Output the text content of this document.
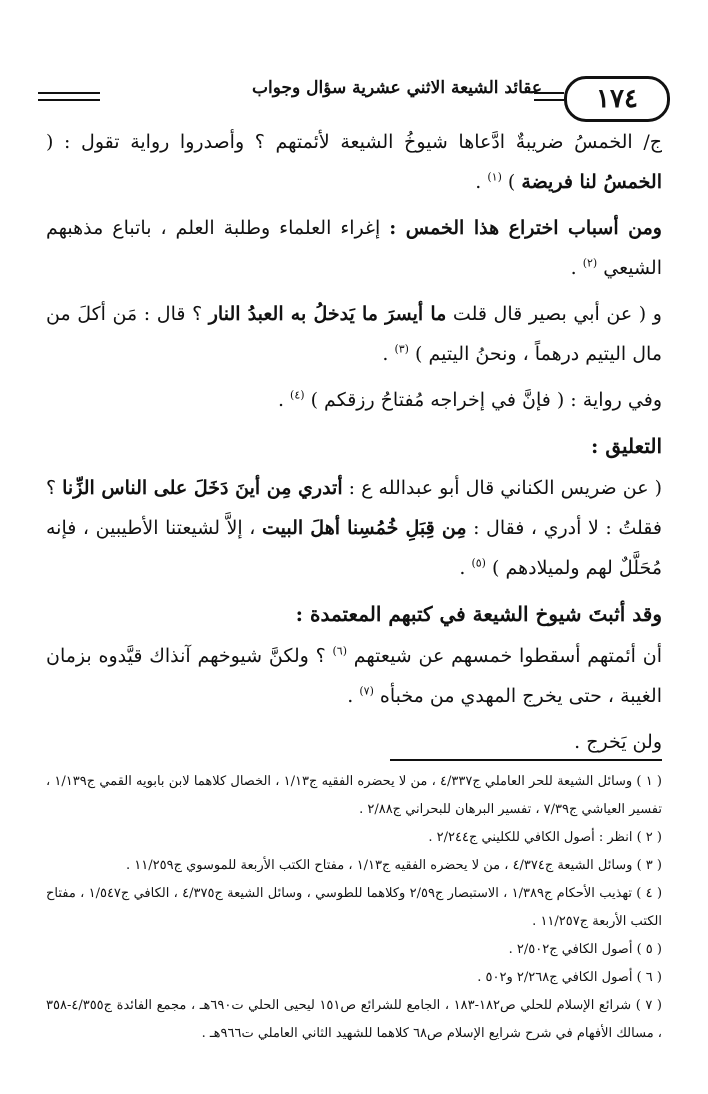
١٧٤
عقائد الشيعة الاثني عشرية سؤال وجواب

ج/ الخمسُ ضريبةٌ ادَّعاها شيوخُ الشيعة لأئمتهم ؟ وأصدروا رواية تقول : ( الخمسُ لنا فريضة ) $^{(١)}$ .

ومن أسباب اختراع هذا الخمس : إغراء العلماء وطلبة العلم ، باتباع مذهبهم الشيعي $^{(٢)}$ .

و ( عن أبي بصير قال قلت ما أيسرَ ما يَدخلُ به العبدُ النار ؟ قال : مَن أكلَ من مال اليتيم درهماً ، ونحنُ اليتيم ) $^{(٣)}$ .

وفي رواية : ( فإنَّ في إخراجه مُفتاحُ رزقكم ) $^{(٤)}$ .

التعليق :

( عن ضريس الكناني قال أبو عبدالله ع : أتدري مِن أينَ دَخَلَ على الناس الزِّنا ؟ فقلتُ : لا أدري ، فقال : مِن قِبَلِ خُمُسِنا أهلَ البيت ، إلاَّ لشيعتنا الأطيبين ، فإنه مُحَلَّلٌ لهم ولميلادهم ) $^{(٥)}$ .

وقد أثبتَ شيوخ الشيعة في كتبهم المعتمدة :

أن أئمتهم أسقطوا خمسهم عن شيعتهم $^{(٦)}$ ؟ ولكنَّ شيوخهم آنذاك قيَّدوه بزمان الغيبة ، حتى يخرج المهدي من مخبأه $^{(٧)}$ .

ولن يَخرج .

( ١ ) وسائل الشيعة للحر العاملي ج٤/٣٣٧ ، من لا يحضره الفقيه ج١/١٣ ، الخصال كلاهما لابن بابويه القمي ج١/١٣٩ ، تفسير العياشي ج٧/٣٩ ، تفسير البرهان للبحراني ج٢/٨٨ .

( ٢ ) انظر : أصول الكافي للكليني ج٢/٢٤٤ .

( ٣ ) وسائل الشيعة ج٤/٣٧٤ ، من لا يحضره الفقيه ج١/١٣ ، مفتاح الكتب الأربعة للموسوي ج١١/٢٥٩ .

( ٤ ) تهذيب الأحكام ج١/٣٨٩ ، الاستبصار ج٢/٥٩ وكلاهما للطوسي ، وسائل الشيعة ج٤/٣٧٥ ، الكافي ج١/٥٤٧ ، مفتاح الكتب الأربعة ج١١/٢٥٧ .

( ٥ ) أصول الكافي ج٢/٥٠٢ .

( ٦ ) أصول الكافي ج٢/٢٦٨ و٥٠٢ .

( ٧ ) شرائع الإسلام للحلي ص١٨٢-١٨٣ ، الجامع للشرائع ص١٥١ ليحيى الحلي ت٦٩٠هـ ، مجمع الفائدة ج٤/٣٥٥-٣٥٨ ، مسالك الأفهام في شرح شرايع الإسلام ص٦٨ كلاهما للشهيد الثاني العاملي ت٩٦٦هـ .
